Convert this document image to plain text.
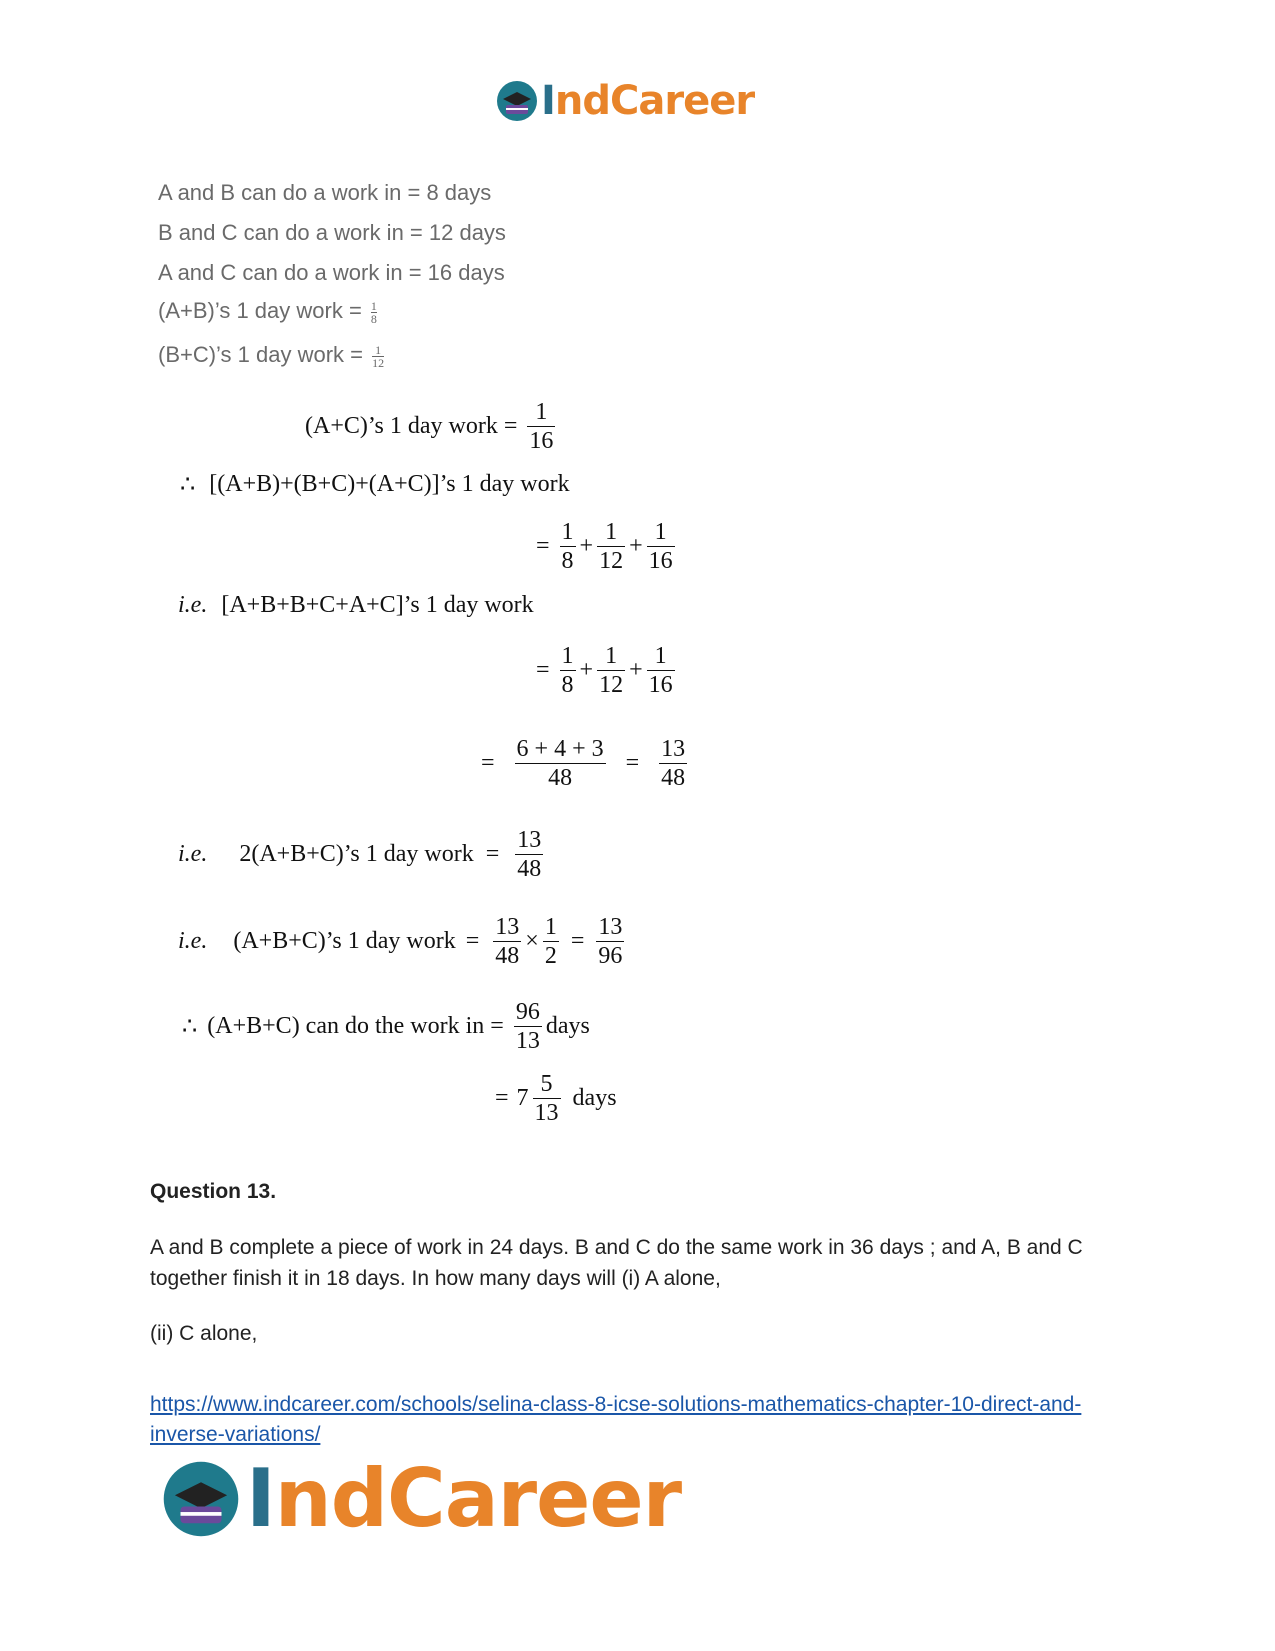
IndCareer
A and B can do a work in = 8 days
B and C can do a work in = 12 days
A and C can do a work in = 16 days
(A+B)’s 1 day work = $\frac{1}{8}$
(B+C)’s 1 day work = $\frac{1}{12}$
(A+C)’s 1 day work =
1
16
∴ [(A+B)+(B+C)+(A+C)]’s 1 day work
=
1
8
+
1
12
+
1
16
i.e. [A+B+B+C+A+C]’s 1 day work
=
1
8
+
1
12
+
1
16
=
6 + 4 + 3
48
=
13
48
i.e. 2(A+B+C)’s 1 day work =
13
48
i.e. (A+B+C)’s 1 day work =
13
48
×
1
2
=
13
96
∴ (A+B+C) can do the work in =
96
13
days
= 7
5
13
days
Question 13.
A and B complete a piece of work in 24 days. B and C do the same work in 36 days ; and A, B and C together finish it in 18 days. In how many days will (i) A alone,
(ii) C alone,
https://www.indcareer.com/schools/selina-class-8-icse-solutions-mathematics-chapter-10-direct-and-inverse-variations/
IndCareer
